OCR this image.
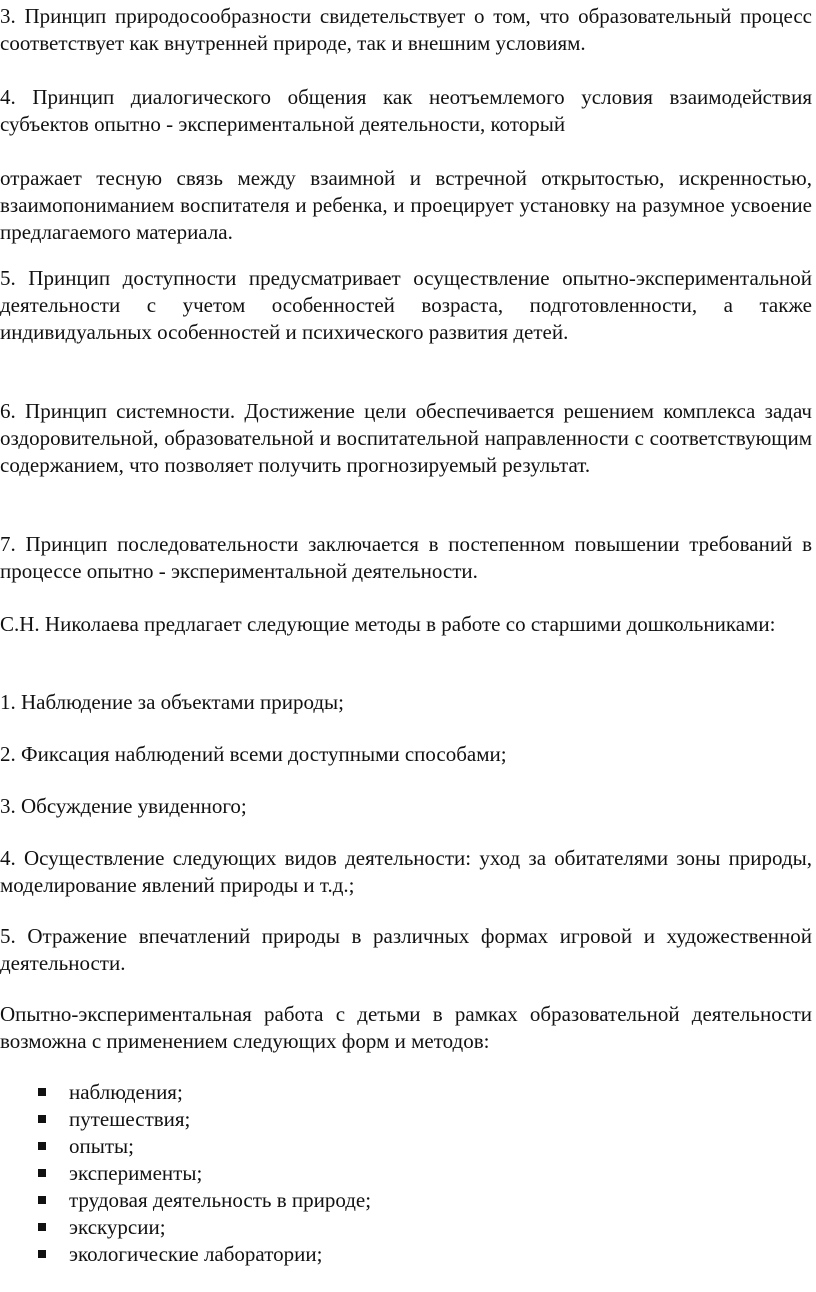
3. Принцип природосообразности свидетельствует о том, что образовательный процесс соответствует как внутренней природе, так и внешним условиям.

4. Принцип диалогического общения как неотъемлемого условия взаимодействия субъектов опытно - экспериментальной деятельности, который

отражает тесную связь между взаимной и встречной открытостью, искренностью, взаимопониманием воспитателя и ребенка, и проецирует установку на разумное усвоение предлагаемого материала.

5. Принцип доступности предусматривает осуществление опытно-экспериментальной деятельности с учетом особенностей возраста, подготовленности, а также индивидуальных особенностей и психического развития детей.

6. Принцип системности. Достижение цели обеспечивается решением комплекса задач оздоровительной, образовательной и воспитательной направленности с соответствующим содержанием, что позволяет получить прогнозируемый результат.

7. Принцип последовательности заключается в постепенном повышении требований в процессе опытно - экспериментальной деятельности.

С.Н. Николаева предлагает следующие методы в работе со старшими дошкольниками:

1. Наблюдение за объектами природы;

2. Фиксация наблюдений всеми доступными способами;

3. Обсуждение увиденного;

4. Осуществление следующих видов деятельности: уход за обитателями зоны природы, моделирование явлений природы и т.д.;

5. Отражение впечатлений природы в различных формах игровой и художественной деятельности.

Опытно-экспериментальная работа с детьми в рамках образовательной деятельности возможна с применением следующих форм и методов:

наблюдения;
путешествия;
опыты;
эксперименты;
трудовая деятельность в природе;
экскурсии;
экологические лаборатории;
